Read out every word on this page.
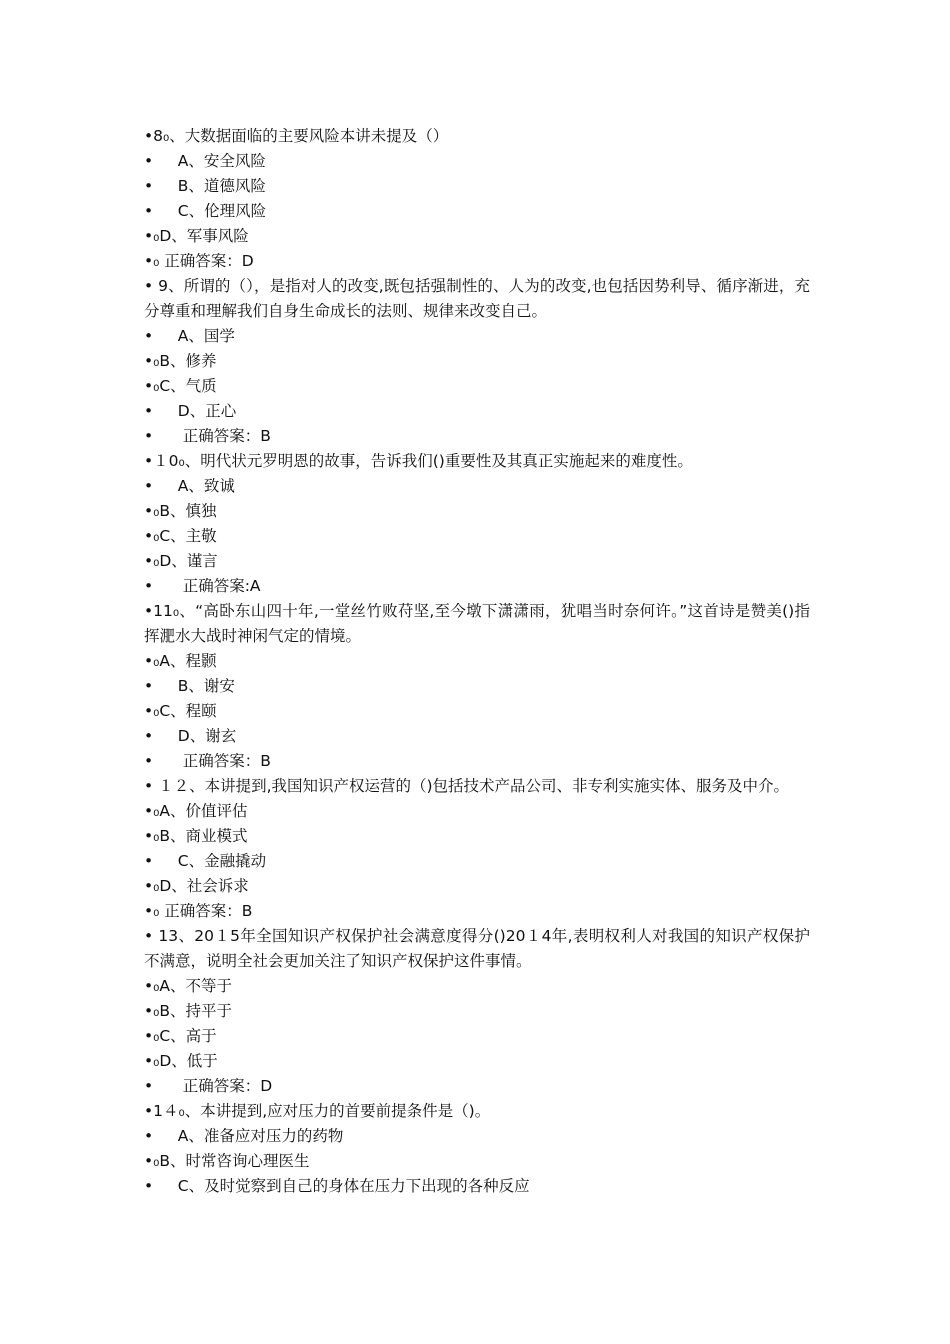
•8₀、大数据面临的主要风险本讲未提及（）
•     A、安全风险
•     B、道德风险
•     C、伦理风险
•₀D、军事风险
•₀ 正确答案：D
• 9、所谓的（），是指对人的改变,既包括强制性的、人为的改变,也包括因势利导、循序渐进，充分尊重和理解我们自身生命成长的法则、规律来改变自己。
•     A、国学
•₀B、修养
•₀C、气质
•     D、正心
•      正确答案：B
•１0₀、明代状元罗明恩的故事，告诉我们()重要性及其真正实施起来的难度性。
•     A、致诚
•₀B、慎独
•₀C、主敬
•₀D、谨言
•      正确答案:A
•11₀、“高卧东山四十年,一堂丝竹败苻坚,至今墩下潇潇雨，犹唱当时奈何许。”这首诗是赞美()指挥淝水大战时神闲气定的情境。
•₀A、程颢
•     B、谢安
•₀C、程颐
•     D、谢玄
•      正确答案：B
• １２、本讲提到,我国知识产权运营的（)包括技术产品公司、非专利实施实体、服务及中介。
•₀A、价值评估
•₀B、商业模式
•     C、金融撬动
•₀D、社会诉求
•₀ 正确答案：B
• 13、20１5年全国知识产权保护社会满意度得分()20１4年,表明权利人对我国的知识产权保护不满意，说明全社会更加关注了知识产权保护这件事情。
•₀A、不等于
•₀B、持平于
•₀C、高于
•₀D、低于
•      正确答案：D
•1４₀、本讲提到,应对压力的首要前提条件是（)。
•     A、准备应对压力的药物
•₀B、时常咨询心理医生
•     C、及时觉察到自己的身体在压力下出现的各种反应
